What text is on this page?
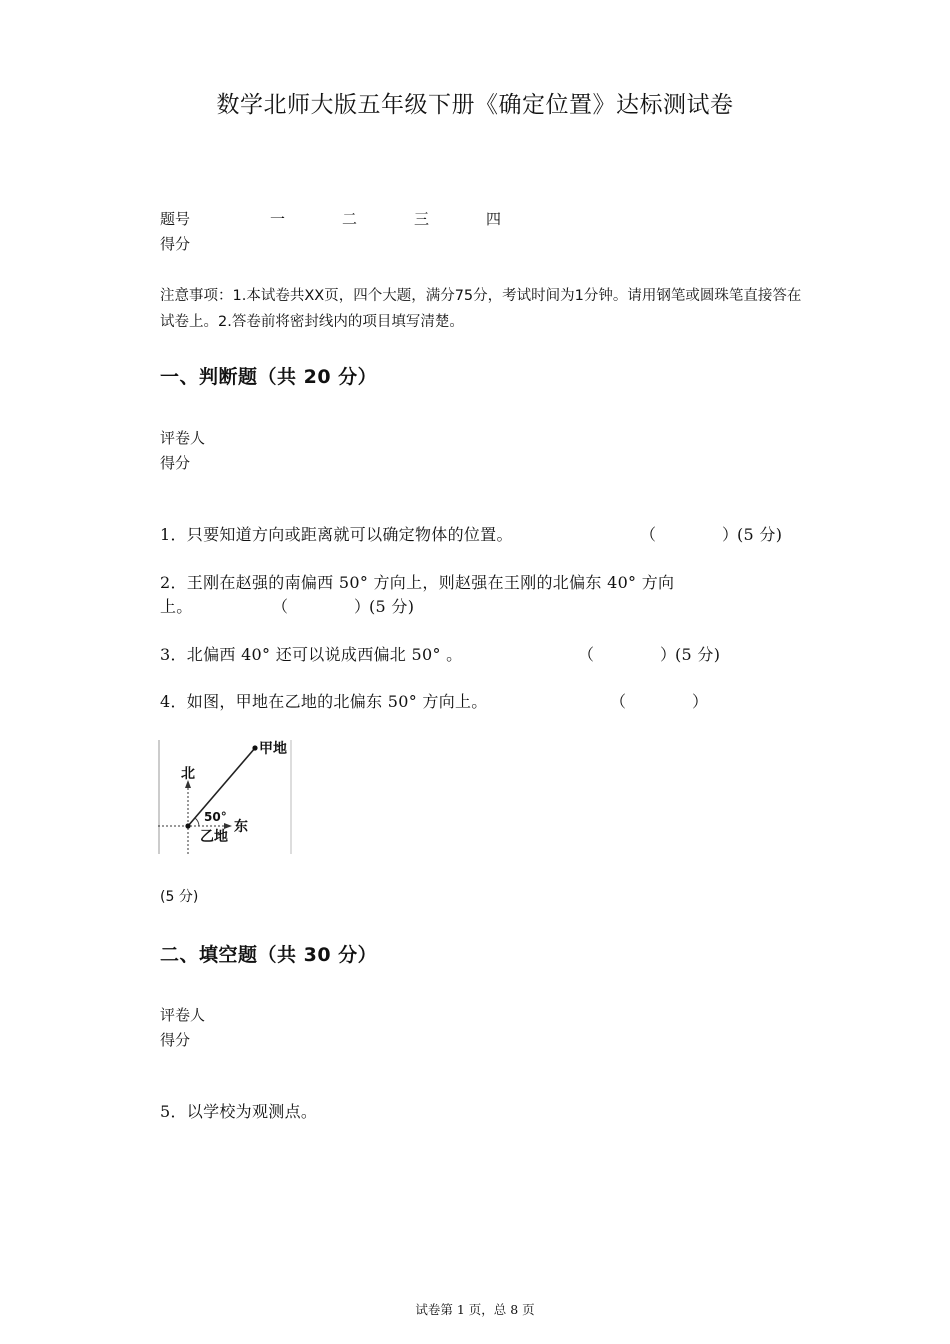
数学北师大版五年级下册《确定位置》达标测试卷
题号	一	二	三	四
得分
注意事项：1.本试卷共XX页，四个大题，满分75分，考试时间为1分钟。请用钢笔或圆珠笔直接答在试卷上。2.答卷前将密封线内的项目填写清楚。
一、判断题（共 20 分）
评卷人
得分
1．只要知道方向或距离就可以确定物体的位置。	（	）
(5 分)
2．王刚在赵强的南偏西 50° 方向上，则赵强在王刚的北偏东 40° 方向
上。	（	）
(5 分)
3．北偏西 40° 还可以说成西偏北 50° 。	（	）
(5 分)
4．如图，甲地在乙地的北偏东 50° 方向上。	（	）
北
东
50°
甲地
乙地
(5 分)
二、填空题（共 30 分）
评卷人
得分
5．以学校为观测点。
试卷第 1 页，总 8 页
